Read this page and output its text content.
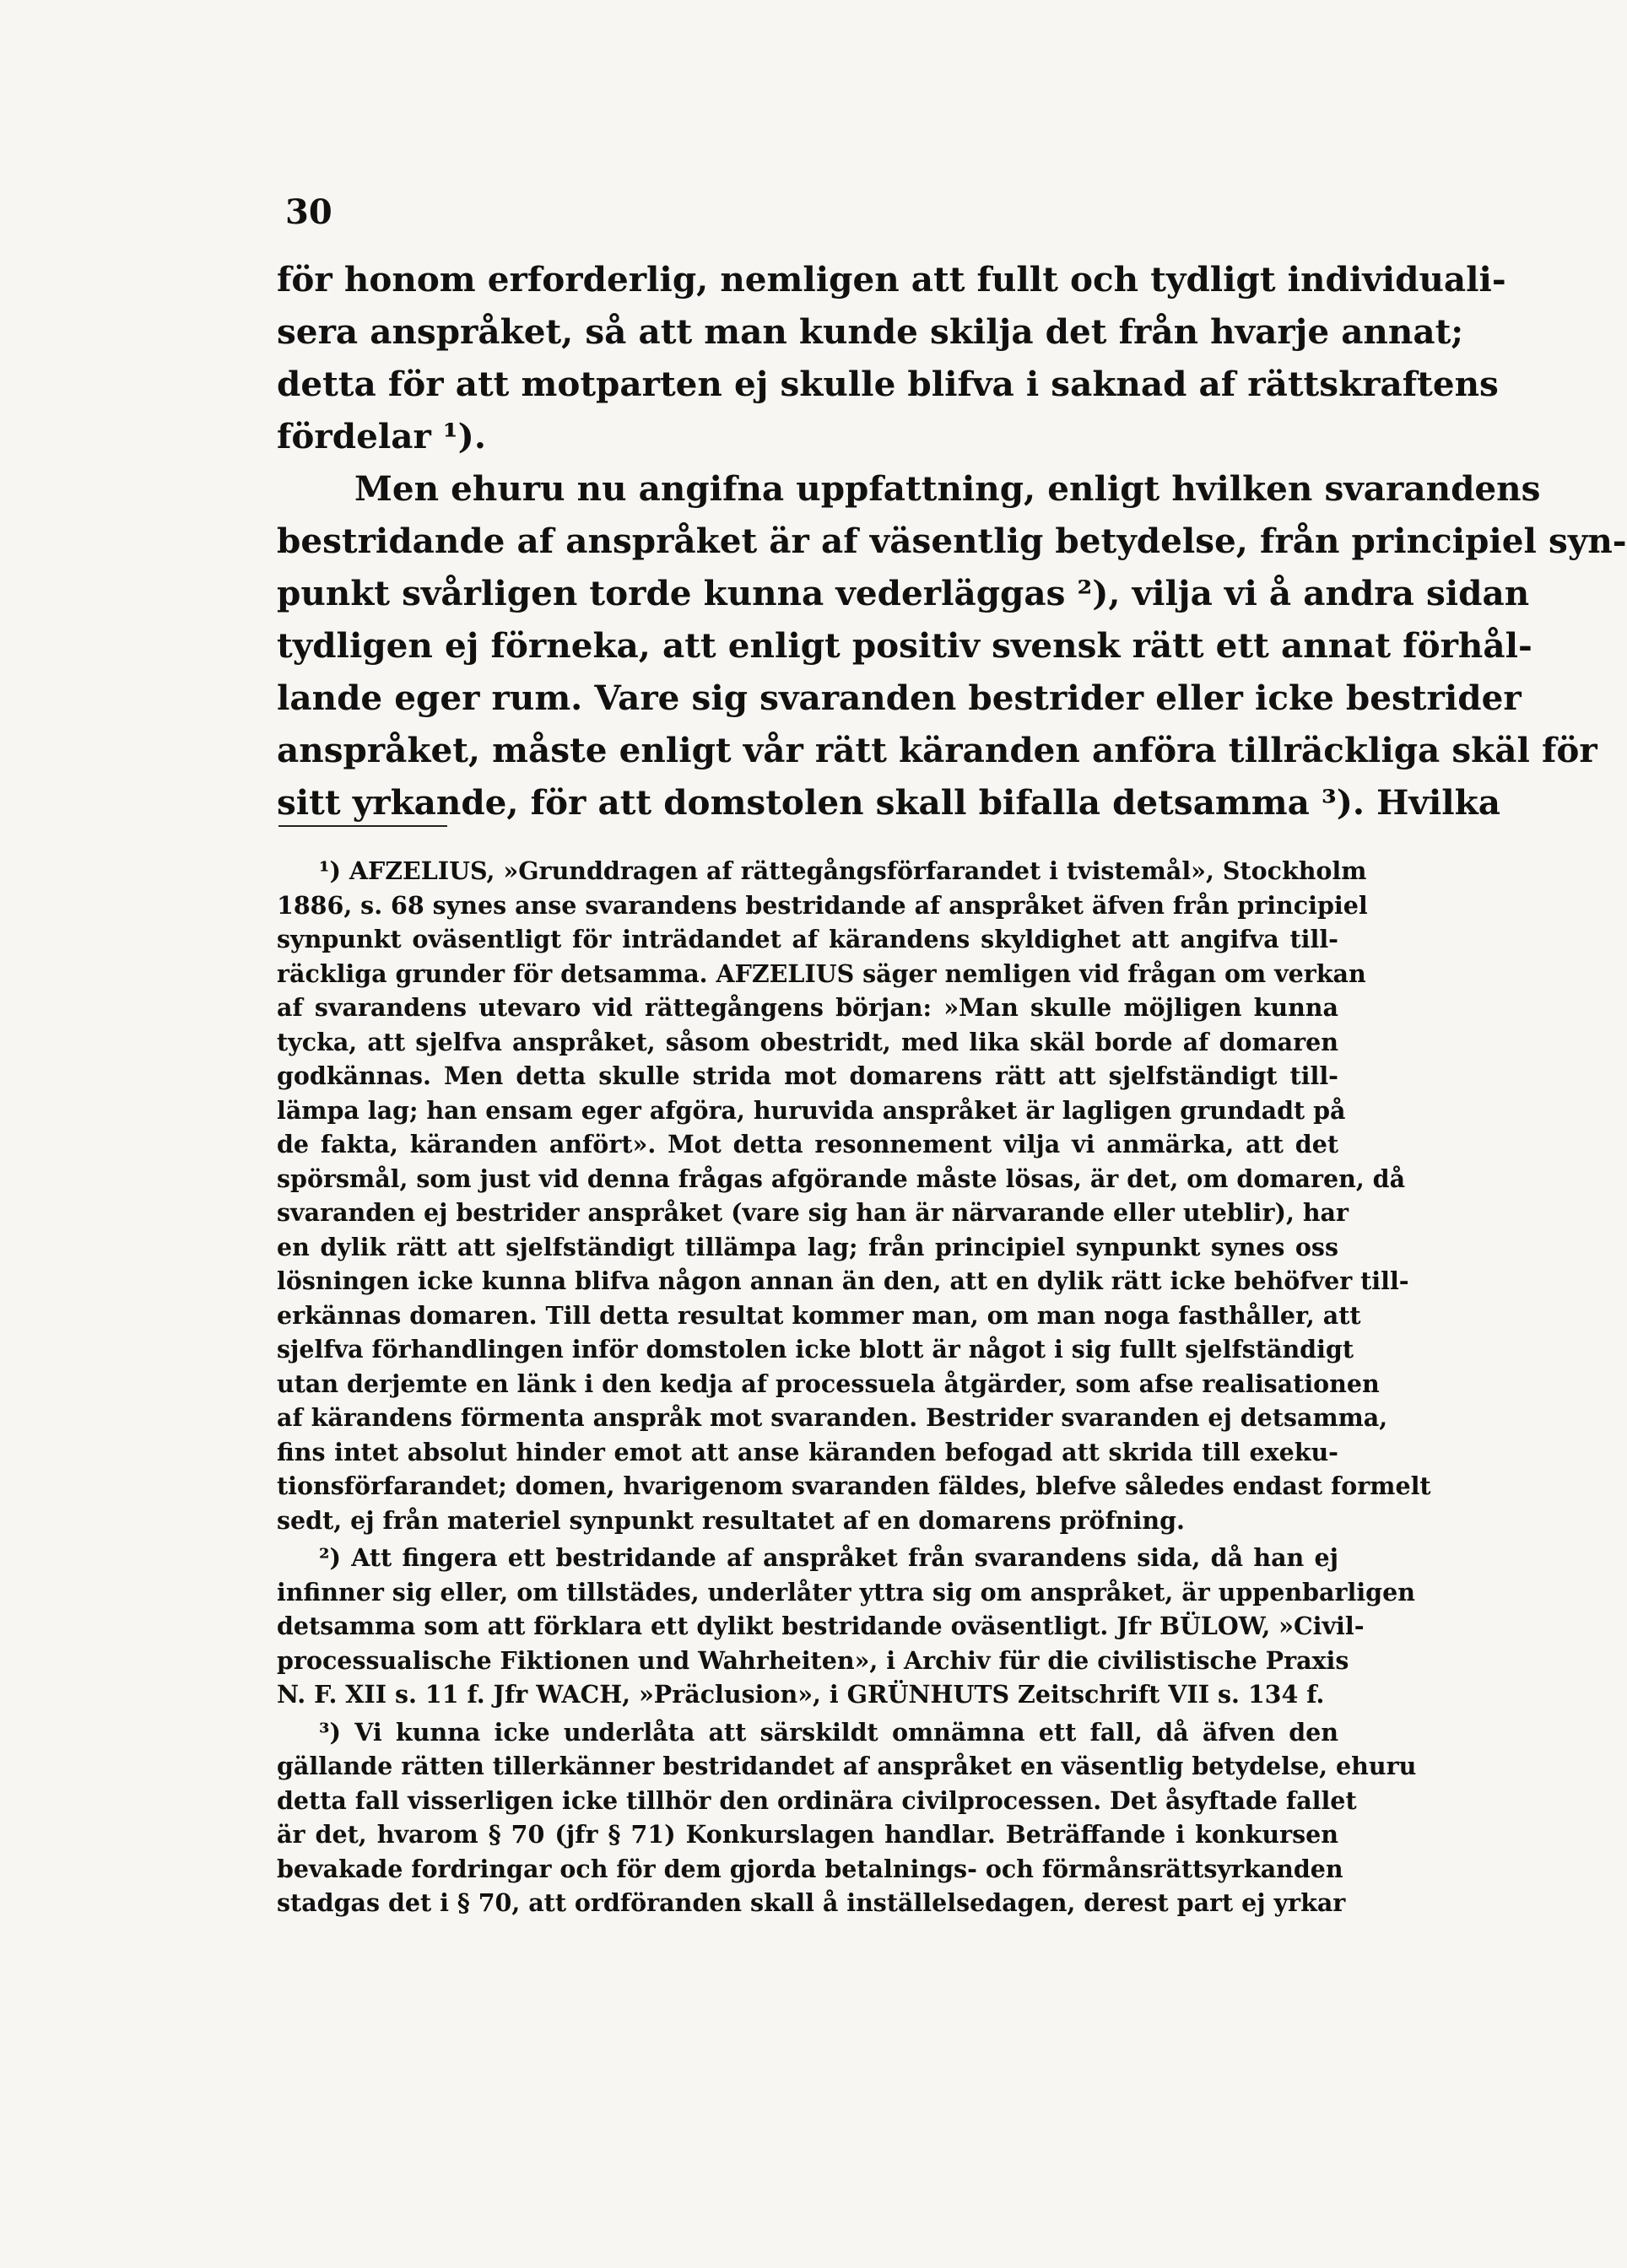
30
för honom erforderlig, nemligen att fullt och tydligt individuali-
sera anspråket, så att man kunde skilja det från hvarje annat;
detta för att motparten ej skulle blifva i saknad af rättskraftens
fördelar ¹).
Men ehuru nu angifna uppfattning, enligt hvilken svarandens
bestridande af anspråket är af väsentlig betydelse, från principiel syn-
punkt svårligen torde kunna vederläggas ²), vilja vi å andra sidan
tydligen ej förneka, att enligt positiv svensk rätt ett annat förhål-
lande eger rum. Vare sig svaranden bestrider eller icke bestrider
anspråket, måste enligt vår rätt käranden anföra tillräckliga skäl för
sitt yrkande, för att domstolen skall bifalla detsamma ³). Hvilka
¹) AFZELIUS, »Grunddragen af rättegångsförfarandet i tvistemål», Stockholm
1886, s. 68 synes anse svarandens bestridande af anspråket äfven från principiel
synpunkt oväsentligt för inträdandet af kärandens skyldighet att angifva till-
räckliga grunder för detsamma. AFZELIUS säger nemligen vid frågan om verkan
af svarandens utevaro vid rättegångens början: »Man skulle möjligen kunna
tycka, att sjelfva anspråket, såsom obestridt, med lika skäl borde af domaren
godkännas. Men detta skulle strida mot domarens rätt att sjelfständigt till-
lämpa lag; han ensam eger afgöra, huruvida anspråket är lagligen grundadt på
de fakta, käranden anfört». Mot detta resonnement vilja vi anmärka, att det
spörsmål, som just vid denna frågas afgörande måste lösas, är det, om domaren, då
svaranden ej bestrider anspråket (vare sig han är närvarande eller uteblir), har
en dylik rätt att sjelfständigt tillämpa lag; från principiel synpunkt synes oss
lösningen icke kunna blifva någon annan än den, att en dylik rätt icke behöfver till-
erkännas domaren. Till detta resultat kommer man, om man noga fasthåller, att
sjelfva förhandlingen inför domstolen icke blott är något i sig fullt sjelfständigt
utan derjemte en länk i den kedja af processuela åtgärder, som afse realisationen
af kärandens förmenta anspråk mot svaranden. Bestrider svaranden ej detsamma,
fins intet absolut hinder emot att anse käranden befogad att skrida till exeku-
tionsförfarandet; domen, hvarigenom svaranden fäldes, blefve således endast formelt
sedt, ej från materiel synpunkt resultatet af en domarens pröfning.
²) Att fingera ett bestridande af anspråket från svarandens sida, då han ej
infinner sig eller, om tillstädes, underlåter yttra sig om anspråket, är uppenbarligen
detsamma som att förklara ett dylikt bestridande oväsentligt. Jfr BÜLOW, »Civil-
processualische Fiktionen und Wahrheiten», i Archiv für die civilistische Praxis
N. F. XII s. 11 f. Jfr WACH, »Präclusion», i GRÜNHUTS Zeitschrift VII s. 134 f.
³) Vi kunna icke underlåta att särskildt omnämna ett fall, då äfven den
gällande rätten tillerkänner bestridandet af anspråket en väsentlig betydelse, ehuru
detta fall visserligen icke tillhör den ordinära civilprocessen. Det åsyftade fallet
är det, hvarom § 70 (jfr § 71) Konkurslagen handlar. Beträffande i konkursen
bevakade fordringar och för dem gjorda betalnings- och förmånsrättsyrkanden
stadgas det i § 70, att ordföranden skall å inställelsedagen, derest part ej yrkar
